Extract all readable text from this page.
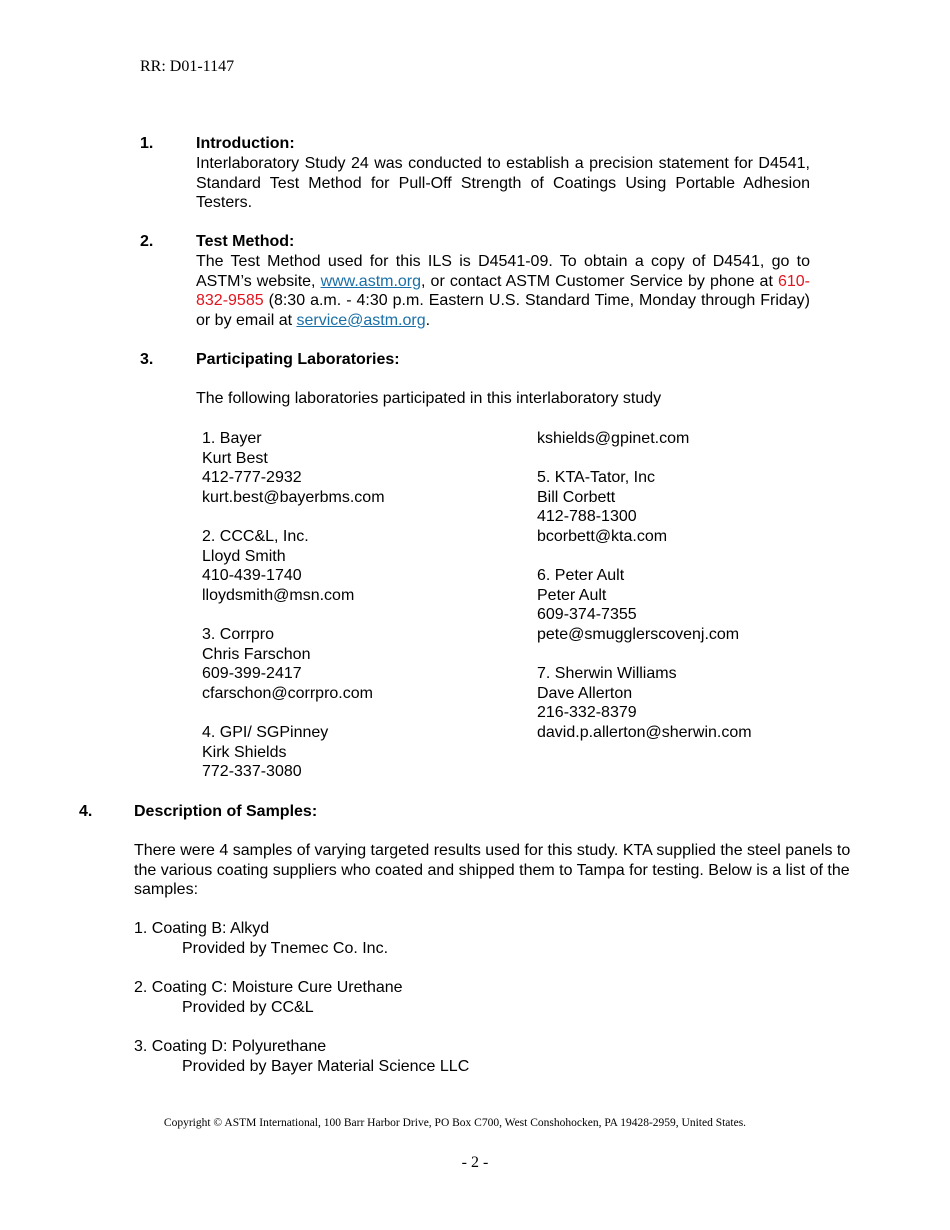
RR: D01-1147
1.	Introduction:
Interlaboratory Study 24 was conducted to establish a precision statement for D4541, Standard Test Method for Pull-Off Strength of Coatings Using Portable Adhesion Testers.
2.	Test Method:
The Test Method used for this ILS is D4541-09. To obtain a copy of D4541, go to ASTM’s website, www.astm.org, or contact ASTM Customer Service by phone at 610-832-9585 (8:30 a.m. - 4:30 p.m. Eastern U.S. Standard Time, Monday through Friday) or by email at service@astm.org.
3.	Participating Laboratories:
The following laboratories participated in this interlaboratory study
1. Bayer
Kurt Best
412-777-2932
kurt.best@bayerbms.com
2. CCC&L, Inc.
Lloyd Smith
410-439-1740
lloydsmith@msn.com
3. Corrpro
Chris Farschon
609-399-2417
cfarschon@corrpro.com
4. GPI/ SGPinney
Kirk Shields
772-337-3080
kshields@gpinet.com
5. KTA-Tator, Inc
Bill Corbett
412-788-1300
bcorbett@kta.com
6. Peter Ault
Peter Ault
609-374-7355
pete@smugglerscovenj.com
7. Sherwin Williams
Dave Allerton
216-332-8379
david.p.allerton@sherwin.com
4.	Description of Samples:
There were 4 samples of varying targeted results used for this study. KTA supplied the steel panels to the various coating suppliers who coated and shipped them to Tampa for testing. Below is a list of the samples:
1. Coating B: Alkyd
Provided by Tnemec Co. Inc.
2. Coating C: Moisture Cure Urethane
Provided by CC&L
3. Coating D: Polyurethane
Provided by Bayer Material Science LLC
Copyright © ASTM International, 100 Barr Harbor Drive, PO Box C700, West Conshohocken, PA 19428-2959, United States.
- 2 -
